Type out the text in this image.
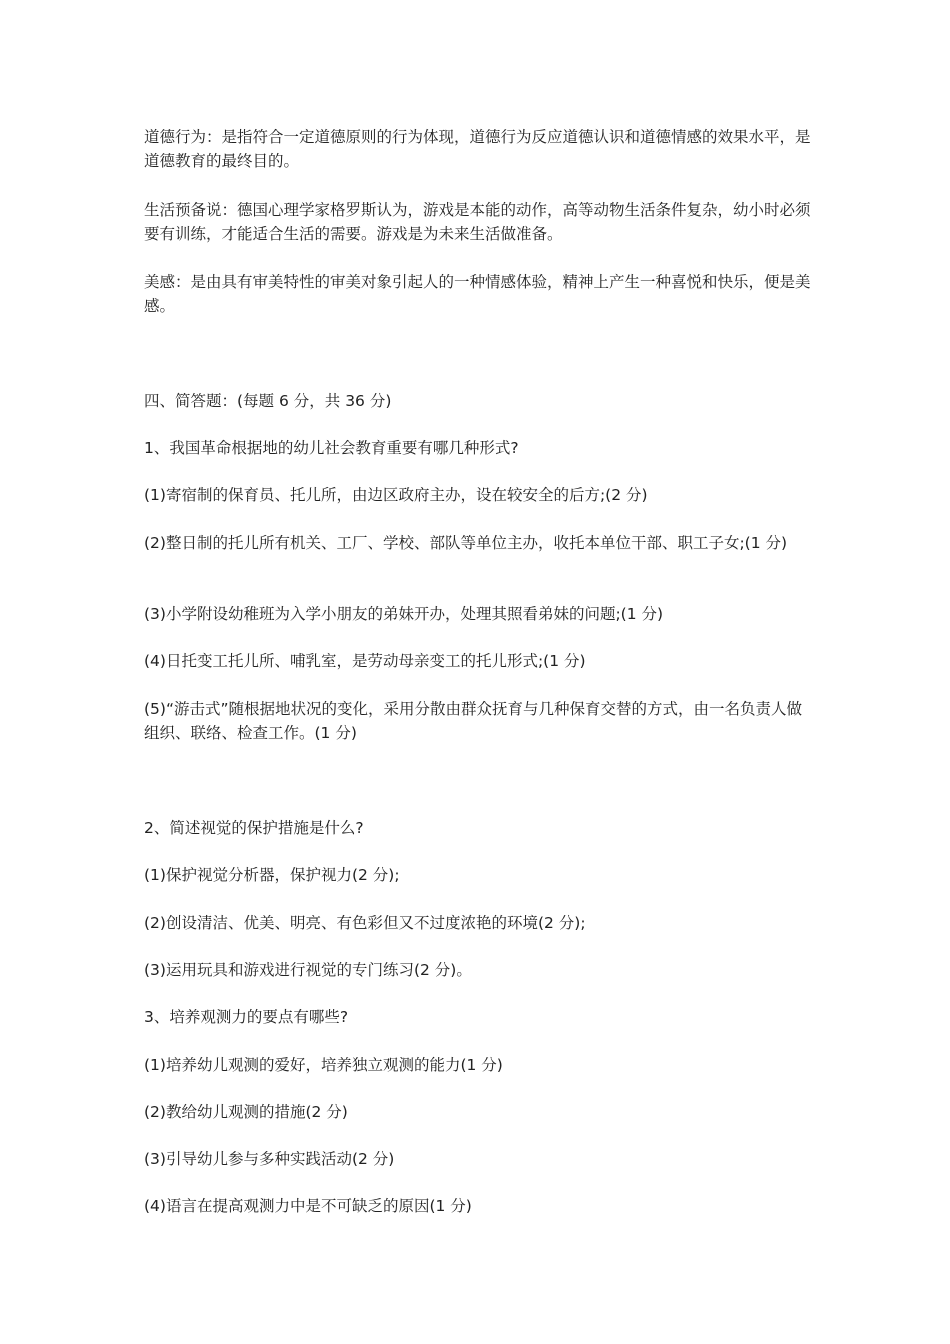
道德行为：是指符合一定道德原则的行为体现，道德行为反应道德认识和道德情感的效果水平，是道德教育的最终目的。

生活预备说：德国心理学家格罗斯认为，游戏是本能的动作，高等动物生活条件复杂，幼小时必须要有训练，才能适合生活的需要。游戏是为未来生活做准备。

美感：是由具有审美特性的审美对象引起人的一种情感体验，精神上产生一种喜悦和快乐，便是美感。

四、简答题：(每题 6 分，共 36 分)

1、我国革命根据地的幼儿社会教育重要有哪几种形式?

(1)寄宿制的保育员、托儿所，由边区政府主办，设在较安全的后方;(2 分)

(2)整日制的托儿所有机关、工厂、学校、部队等单位主办，收托本单位干部、职工子女;(1 分)

(3)小学附设幼稚班为入学小朋友的弟妹开办，处理其照看弟妹的问题;(1 分)

(4)日托变工托儿所、哺乳室，是劳动母亲变工的托儿形式;(1 分)

(5)“游击式”随根据地状况的变化，采用分散由群众抚育与几种保育交替的方式，由一名负责人做组织、联络、检查工作。(1 分)

2、简述视觉的保护措施是什么?

(1)保护视觉分析器，保护视力(2 分);

(2)创设清洁、优美、明亮、有色彩但又不过度浓艳的环境(2 分);

(3)运用玩具和游戏进行视觉的专门练习(2 分)。

3、培养观测力的要点有哪些?

(1)培养幼儿观测的爱好，培养独立观测的能力(1 分)

(2)教给幼儿观测的措施(2 分)

(3)引导幼儿参与多种实践活动(2 分)

(4)语言在提高观测力中是不可缺乏的原因(1 分)
